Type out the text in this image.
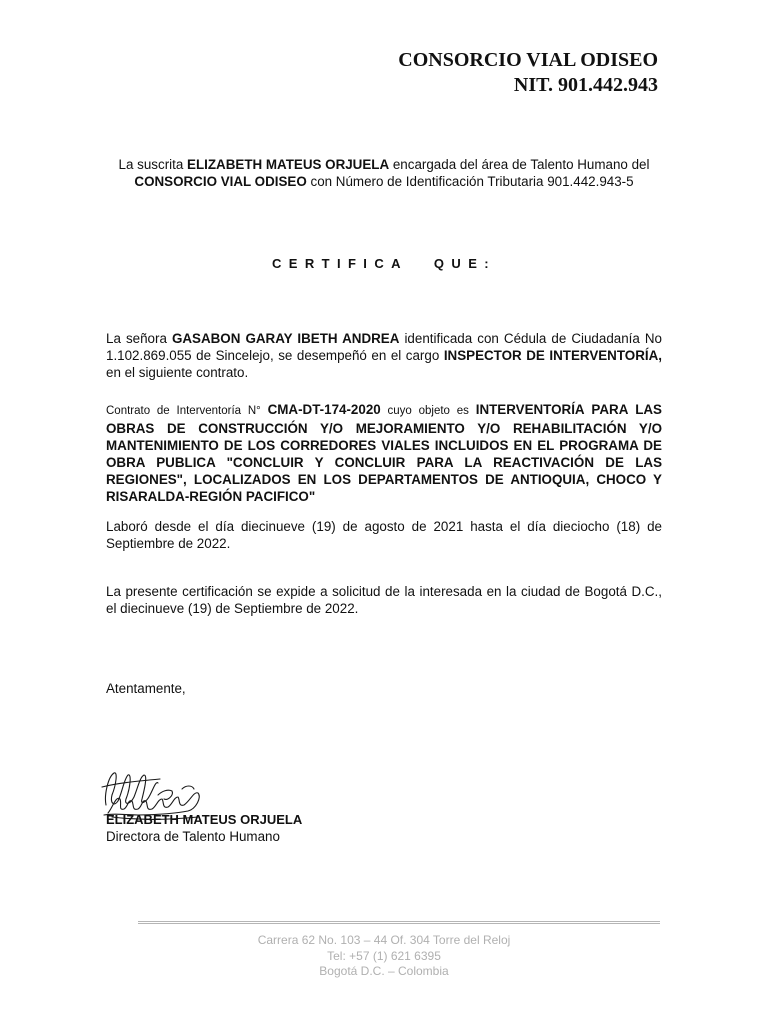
CONSORCIO VIAL ODISEO
NIT. 901.442.943
La suscrita ELIZABETH MATEUS ORJUELA encargada del área de Talento Humano del CONSORCIO VIAL ODISEO con Número de Identificación Tributaria 901.442.943-5
CERTIFICA QUE:
La señora GASABON GARAY IBETH ANDREA identificada con Cédula de Ciudadanía No 1.102.869.055 de Sincelejo, se desempeñó en el cargo INSPECTOR DE INTERVENTORÍA, en el siguiente contrato.
Contrato de Interventoría N° CMA-DT-174-2020 cuyo objeto es INTERVENTORÍA PARA LAS OBRAS DE CONSTRUCCIÓN Y/O MEJORAMIENTO Y/O REHABILITACIÓN Y/O MANTENIMIENTO DE LOS CORREDORES VIALES INCLUIDOS EN EL PROGRAMA DE OBRA PUBLICA "CONCLUIR Y CONCLUIR PARA LA REACTIVACIÓN DE LAS REGIONES", LOCALIZADOS EN LOS DEPARTAMENTOS DE ANTIOQUIA, CHOCO Y RISARALDA-REGIÓN PACIFICO"
Laboró desde el día diecinueve (19) de agosto de 2021 hasta el día dieciocho (18) de Septiembre de 2022.
La presente certificación se expide a solicitud de la interesada en la ciudad de Bogotá D.C., el diecinueve (19) de Septiembre de 2022.
Atentamente,
ELIZABETH MATEUS ORJUELA
Directora de Talento Humano
Carrera 62 No. 103 – 44 Of. 304 Torre del Reloj
Tel: +57 (1) 621 6395
Bogotá D.C. – Colombia
